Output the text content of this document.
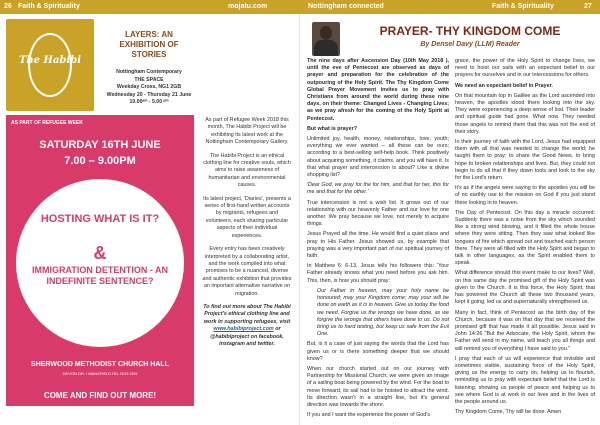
26 Faith & Spirituality	mojatu.com	Nottingham connected	Faith & Spirituality	27
The Habibi
LAYERS: AN EXHIBITION OF STORIES
Nottingham Contemporary
THE SPACE
Weekday Cross, NG1 2GB
Wednesday 20 - Thursday 21 June
10.00ᵃᵐ - 5.00 ᵖᵐ
AS PART OF REFUGEE WEEK
SATURDAY 16TH JUNE
7.00 – 9.00PM
HOSTING WHAT IS IT?
&
IMMIGRATION DETENTION - AN INDEFINITE SENTENCE?
SHERWOOD METHODIST CHURCH HALL
DEVON DR. / MANSFIELD RD. NG5 2EH
COME AND FIND OUT MORE!

As part of Refugee Week 2018 this month, The Habibi Project will be exhibiting its latest work at the Nottingham Contemporary Gallery.

The Habibi Project is an ethical clothing line for creative souls, which aims to raise awareness of humanitarian and environmental causes.

Its latest project, 'Diaries', presents a series of first-hand written accounts by migrants, refugees and volunteers, each sharing particular aspects of their individual experiences.

Every entry has been creatively interpreted by a collaborating artist, and the work compiled into what promises to be a nuanced, diverse and authentic exhibition that provides an important alternative narrative on migration.

To find out more about The Habibi Project's ethical clothing line and work in supporting refugees, visit www.habibiproject.com or @habibiproject on facebook, instagram and twitter.

PRAYER- THY KINGDOM COME
By Densel Davy (LLM) Reader

The nine days after Ascension Day (10th May 2018 ), until the eve of Pentecost are observed as days of prayer and preparation for the celebration of the outpouring of the Holy Spirit. The Thy Kingdom Come Global Prayer Movement invites us to pray with Christians from around the world during these nine days, on their theme: Changed Lives - Changing Lives; as we pray afresh for the coming of the Holy Spirit at Pentecost.

But what is prayer?

Unlimited joy, health, money, relationships, love, youth; everything we ever wanted – all these can be ours; according to a best-selling self-help book. Think positively about acquiring something, it claims, and you will have it. Is that what prayer and intercession is about? Like a divine shopping list?

'Dear God, we pray for the for him, and that for her, this for me and that for the other.'

True intercession is not a wish list. It grows out of our relationship with our heavenly Father and our love for one another. We pray because we love, not merely to acquire things.

Jesus Prayed all the time. He would find a quiet place and pray to His Father. Jesus showed us, by example that praying was a very important part of our spiritual journey of faith.

In Matthew 6: 6-13, Jesus tells his followers this: 'Your Father already knows what you need before you ask him. This, then, is how you should pray:

Our Father in heaven, may your holy name be honoured; may your Kingdom come; may your will be done on earth as it is in heaven. Give us today the food we need. Forgive us the wrongs we have done, as we forgive the wrongs that others have done to us. Do not bring us to hard testing, but keep us safe from the Evil One.

But, is it a case of just saying the words that the Lord has given us or is there something deeper that we should know?

When our church started out on our journey with Partnership for Missional Church, we were given an image of a sailing boat being powered by the wind. For the boat to move forward, its sail had to be hoisted to attract the wind. Its direction wasn't in a straight line, but it's general direction was towards the shore.

If you and I want the experience the power of God's

grace, the power of the Holy Spirit to change lives, we need to hoist our sails with an expectant belief in our prayers for ourselves and in our intercessions for others.

We need an expectant belief in Prayer.

On that mountain top in Galilee as the Lord ascended into heaven, the apostles stood there looking into the sky. They were experiencing a deep sense of lost. Their leader and spiritual guide had gone. What now. They needed those angels to remind them that this was not the end of their story.

In their journey of faith with the Lord, Jesus had equipped them with all that was needed to change the world; he taught them to pray; to share the Good News, to bring hope to broken relationships and lives. But, they could not begin to do all that if they down tools and look to the sky for the Lord's return.

It's as if the angels were saying to the apostles you will be of no earthly use to the mission on God if you just stand there looking in to heaven.

The Day of Pentecost. On this day a miracle occurred: Suddenly there was a noise from the sky which sounded like a strong wind blowing, and it filled the whole house where they were sitting. Then they saw what looked like tongues of fire which spread out and touched each person there. They were all filled with the Holy Spirit and began to talk in other languages, as the Spirit enabled them to speak.

What difference should this event make to our lives? Well, on this same day the promised gift of the Holy Spirit was given to the Church. It is this force, the Holy Spirit, that has powered the Church all these two thousand years, kept it going, led us and supernaturally strengthened us.

Many in fact, think of Pentecost as the birth day of the Church, because it was on that day that we received the promised gift that has made it all possible. Jesus said in John 14:26 "But the Advocate, the Holy Spirit, whom the Father will send in my name, will teach you all things and will remind you of everything I have said to you."

I pray that each of us will experience that invisible and sometimes visible, sustaining force of the Holy Spirit, giving us the energy to carry on, helping us to flourish, reminding us to pray with expectant belief that the Lord is listening, showing us people of peace and helping us to see where God is at work in our lives and in the lives of the people around us.

Thy Kingdom Come, Thy will be done. Amen
